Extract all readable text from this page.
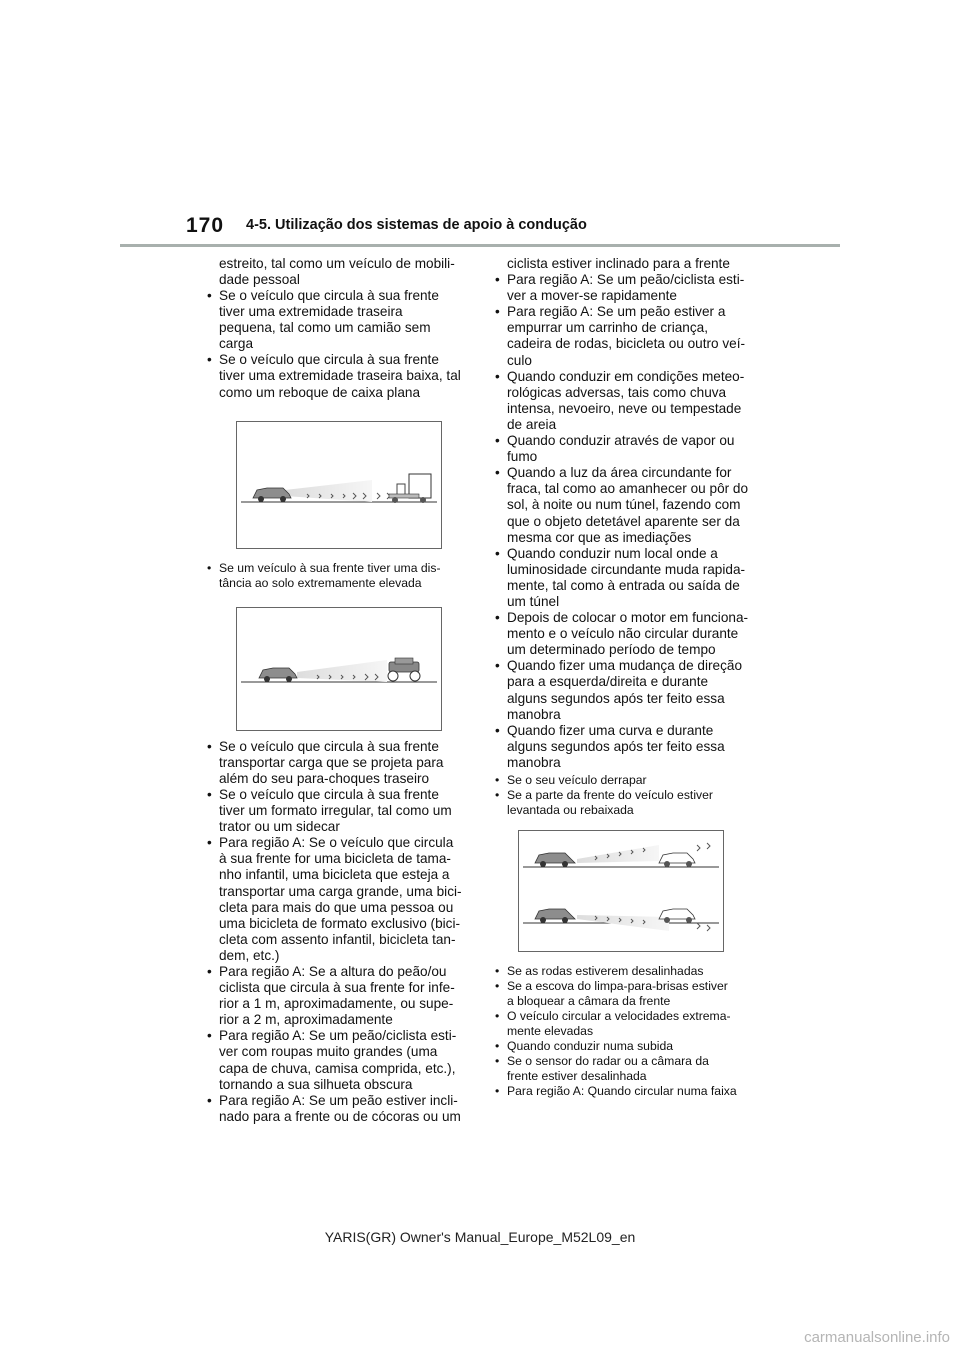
170 4-5. Utilização dos sistemas de apoio à condução

estreito, tal como um veículo de mobili-

dade pessoal

• Se o veículo que circula à sua frente

tiver uma extremidade traseira

pequena, tal como um camião sem

carga

• Se o veículo que circula à sua frente

tiver uma extremidade traseira baixa, tal

como um reboque de caixa plana

• Se um veículo à sua frente tiver uma dis-

tância ao solo extremamente elevada

• Se o veículo que circula à sua frente

transportar carga que se projeta para

além do seu para-choques traseiro

• Se o veículo que circula à sua frente

tiver um formato irregular, tal como um

trator ou um sidecar

• Para região A: Se o veículo que circula

à sua frente for uma bicicleta de tama-

nho infantil, uma bicicleta que esteja a

transportar uma carga grande, uma bici-

cleta para mais do que uma pessoa ou

uma bicicleta de formato exclusivo (bici-

cleta com assento infantil, bicicleta tan-

dem, etc.)

• Para região A: Se a altura do peão/ou

ciclista que circula à sua frente for infe-

rior a 1 m, aproximadamente, ou supe-

rior a 2 m, aproximadamente

• Para região A: Se um peão/ciclista esti-

ver com roupas muito grandes (uma

capa de chuva, camisa comprida, etc.),

tornando a sua silhueta obscura

• Para região A: Se um peão estiver incli-

nado para a frente ou de cócoras ou um

ciclista estiver inclinado para a frente

• Para região A: Se um peão/ciclista esti-

ver a mover-se rapidamente

• Para região A: Se um peão estiver a

empurrar um carrinho de criança,

cadeira de rodas, bicicleta ou outro veí-

culo

• Quando conduzir em condições meteo-

rológicas adversas, tais como chuva

intensa, nevoeiro, neve ou tempestade

de areia

• Quando conduzir através de vapor ou

fumo

• Quando a luz da área circundante for

fraca, tal como ao amanhecer ou pôr do

sol, à noite ou num túnel, fazendo com

que o objeto detetável aparente ser da

mesma cor que as imediações

• Quando conduzir num local onde a

luminosidade circundante muda rapida-

mente, tal como à entrada ou saída de

um túnel

• Depois de colocar o motor em funciona-

mento e o veículo não circular durante

um determinado período de tempo

• Quando fizer uma mudança de direção

para a esquerda/direita e durante

alguns segundos após ter feito essa

manobra

• Quando fizer uma curva e durante

alguns segundos após ter feito essa

manobra

• Se o seu veículo derrapar

• Se a parte da frente do veículo estiver

levantada ou rebaixada

• Se as rodas estiverem desalinhadas

• Se a escova do limpa-para-brisas estiver

a bloquear a câmara da frente

• O veículo circular a velocidades extrema-

mente elevadas

• Quando conduzir numa subida

• Se o sensor do radar ou a câmara da

frente estiver desalinhada

• Para região A: Quando circular numa faixa

YARIS(GR) Owner's Manual_Europe_M52L09_en
carmanualsonline.info
